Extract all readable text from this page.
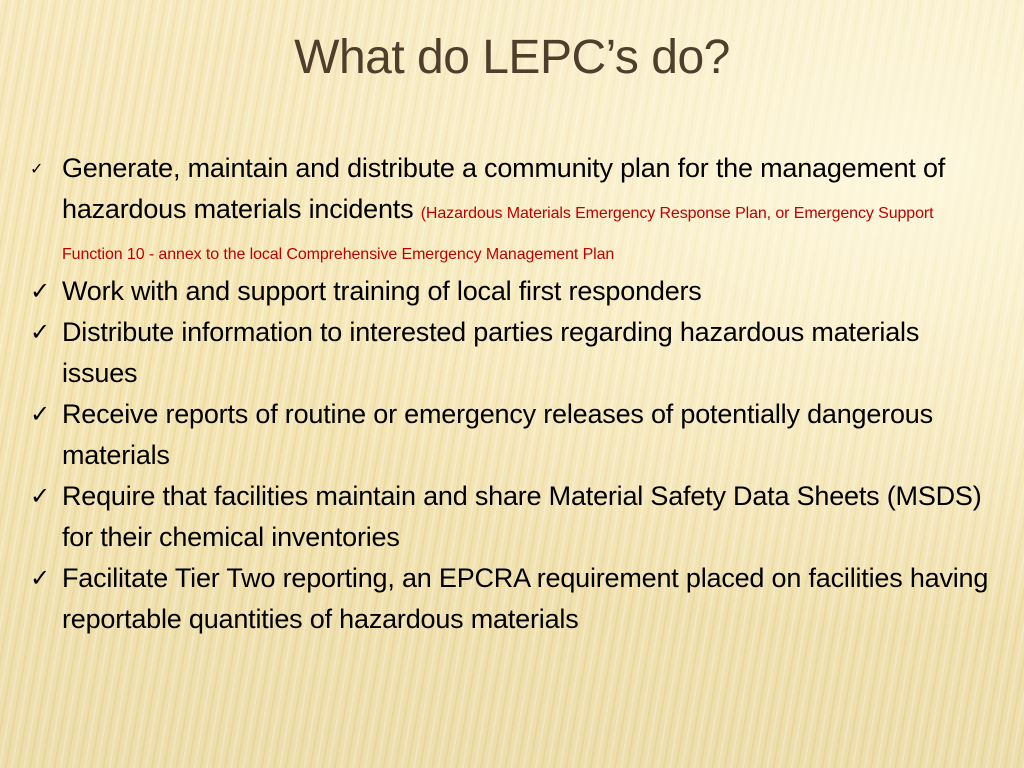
What do LEPC’s do?
✓ Generate, maintain and distribute a community plan for the management of hazardous materials incidents (Hazardous Materials Emergency Response Plan, or Emergency Support Function 10 - annex to the local Comprehensive Emergency Management Plan
✓ Work with and support training of local first responders
✓ Distribute information to interested parties regarding hazardous materials issues
✓ Receive reports of routine or emergency releases of potentially dangerous materials
✓ Require that facilities maintain and share Material Safety Data Sheets (MSDS) for their chemical inventories
✓ Facilitate Tier Two reporting, an EPCRA requirement placed on facilities having reportable quantities of hazardous materials
